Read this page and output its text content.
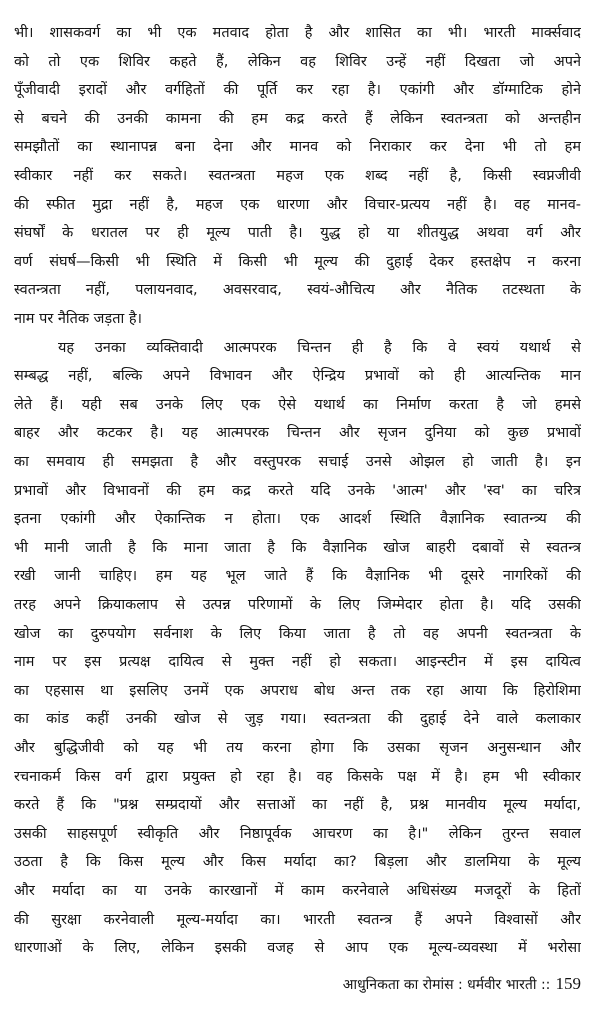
भी। शासकवर्ग का भी एक मतवाद होता है और शासित का भी। भारती मार्क्सवाद
को तो एक शिविर कहते हैं, लेकिन वह शिविर उन्हें नहीं दिखता जो अपने
पूँजीवादी इरादों और वर्गहितों की पूर्ति कर रहा है। एकांगी और डॉग्माटिक होने
से बचने की उनकी कामना की हम कद्र करते हैं लेकिन स्वतन्त्रता को अन्तहीन
समझौतों का स्थानापन्न बना देना और मानव को निराकार कर देना भी तो हम
स्वीकार नहीं कर सकते। स्वतन्त्रता महज एक शब्द नहीं है, किसी स्वप्नजीवी
की स्फीत मुद्रा नहीं है, महज एक धारणा और विचार-प्रत्यय नहीं है। वह मानव-
संघर्षों के धरातल पर ही मूल्य पाती है। युद्ध हो या शीतयुद्ध अथवा वर्ग और
वर्ण संघर्ष—किसी भी स्थिति में किसी भी मूल्य की दुहाई देकर हस्तक्षेप न करना
स्वतन्त्रता नहीं, पलायनवाद, अवसरवाद, स्वयं-औचित्य और नैतिक तटस्थता के
नाम पर नैतिक जड़ता है।
यह उनका व्यक्तिवादी आत्मपरक चिन्तन ही है कि वे स्वयं यथार्थ से
सम्बद्ध नहीं, बल्कि अपने विभावन और ऐन्द्रिय प्रभावों को ही आत्यन्तिक मान
लेते हैं। यही सब उनके लिए एक ऐसे यथार्थ का निर्माण करता है जो हमसे
बाहर और कटकर है। यह आत्मपरक चिन्तन और सृजन दुनिया को कुछ प्रभावों
का समवाय ही समझता है और वस्तुपरक सचाई उनसे ओझल हो जाती है। इन
प्रभावों और विभावनों की हम कद्र करते यदि उनके 'आत्म' और 'स्व' का चरित्र
इतना एकांगी और ऐकान्तिक न होता। एक आदर्श स्थिति वैज्ञानिक स्वातन्त्र्य की
भी मानी जाती है कि माना जाता है कि वैज्ञानिक खोज बाहरी दबावों से स्वतन्त्र
रखी जानी चाहिए। हम यह भूल जाते हैं कि वैज्ञानिक भी दूसरे नागरिकों की
तरह अपने क्रियाकलाप से उत्पन्न परिणामों के लिए जिम्मेदार होता है। यदि उसकी
खोज का दुरुपयोग सर्वनाश के लिए किया जाता है तो वह अपनी स्वतन्त्रता के
नाम पर इस प्रत्यक्ष दायित्व से मुक्त नहीं हो सकता। आइन्स्टीन में इस दायित्व
का एहसास था इसलिए उनमें एक अपराध बोध अन्त तक रहा आया कि हिरोशिमा
का कांड कहीं उनकी खोज से जुड़ गया। स्वतन्त्रता की दुहाई देने वाले कलाकार
और बुद्धिजीवी को यह भी तय करना होगा कि उसका सृजन अनुसन्धान और
रचनाकर्म किस वर्ग द्वारा प्रयुक्त हो रहा है। वह किसके पक्ष में है। हम भी स्वीकार
करते हैं कि "प्रश्न सम्प्रदायों और सत्ताओं का नहीं है, प्रश्न मानवीय मूल्य मर्यादा,
उसकी साहसपूर्ण स्वीकृति और निष्ठापूर्वक आचरण का है।" लेकिन तुरन्त सवाल
उठता है कि किस मूल्य और किस मर्यादा का? बिड़ला और डालमिया के मूल्य
और मर्यादा का या उनके कारखानों में काम करनेवाले अधिसंख्य मजदूरों के हितों
की सुरक्षा करनेवाली मूल्य-मर्यादा का। भारती स्वतन्त्र हैं अपने विश्वासों और
धारणाओं के लिए, लेकिन इसकी वजह से आप एक मूल्य-व्यवस्था में भरोसा
आधुनिकता का रोमांस : धर्मवीर भारती :: 159
